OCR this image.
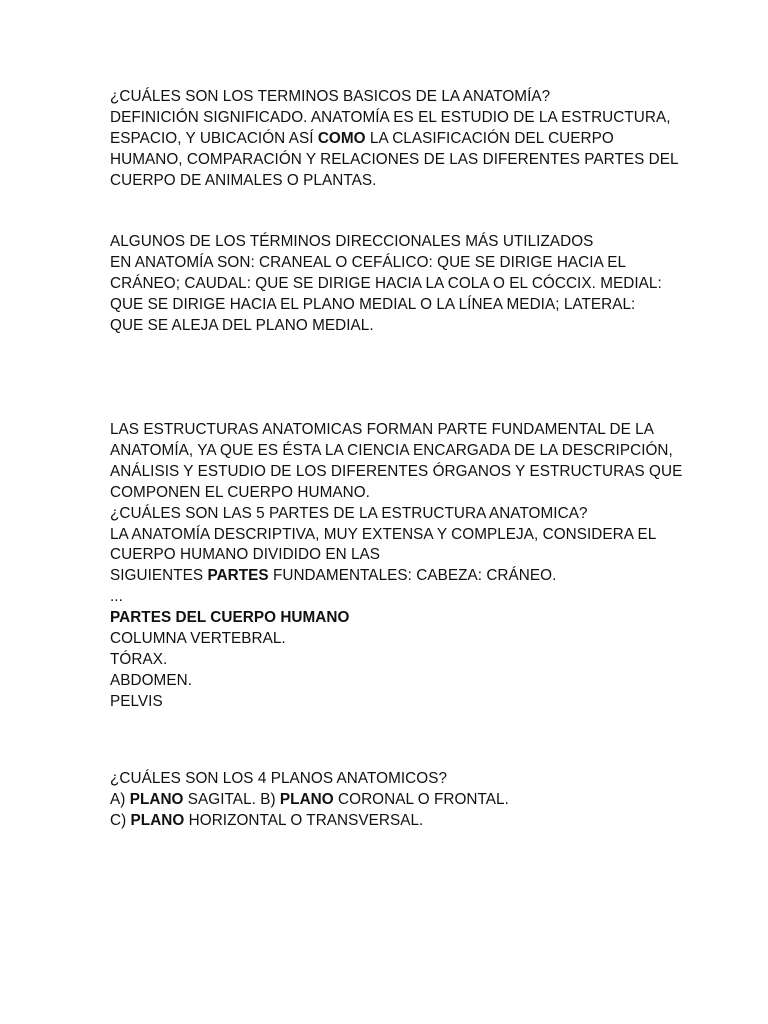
¿CUÁLES SON LOS TERMINOS BASICOS DE LA ANATOMÍA?
DEFINICIÓN SIGNIFICADO. ANATOMÍA ES EL ESTUDIO DE LA ESTRUCTURA,
ESPACIO, Y UBICACIÓN ASÍ COMO LA CLASIFICACIÓN DEL CUERPO
HUMANO, COMPARACIÓN Y RELACIONES DE LAS DIFERENTES PARTES DEL
CUERPO DE ANIMALES O PLANTAS.
ALGUNOS DE LOS TÉRMINOS DIRECCIONALES MÁS UTILIZADOS
EN ANATOMÍA SON: CRANEAL O CEFÁLICO: QUE SE DIRIGE HACIA EL
CRÁNEO; CAUDAL: QUE SE DIRIGE HACIA LA COLA O EL CÓCCIX. MEDIAL:
QUE SE DIRIGE HACIA EL PLANO MEDIAL O LA LÍNEA MEDIA; LATERAL:
QUE SE ALEJA DEL PLANO MEDIAL.
LAS ESTRUCTURAS ANATOMICAS FORMAN PARTE FUNDAMENTAL DE LA
ANATOMÍA, YA QUE ES ÉSTA LA CIENCIA ENCARGADA DE LA DESCRIPCIÓN,
ANÁLISIS Y ESTUDIO DE LOS DIFERENTES ÓRGANOS Y ESTRUCTURAS QUE
COMPONEN EL CUERPO HUMANO.
¿CUÁLES SON LAS 5 PARTES DE LA ESTRUCTURA ANATOMICA?
LA ANATOMÍA DESCRIPTIVA, MUY EXTENSA Y COMPLEJA, CONSIDERA EL
CUERPO HUMANO DIVIDIDO EN LAS
SIGUIENTES PARTES FUNDAMENTALES: CABEZA: CRÁNEO.
...
PARTES DEL CUERPO HUMANO
COLUMNA VERTEBRAL.
TÓRAX.
ABDOMEN.
PELVIS
¿CUÁLES SON LOS 4 PLANOS ANATOMICOS?
A) PLANO SAGITAL. B) PLANO CORONAL O FRONTAL.
C) PLANO HORIZONTAL O TRANSVERSAL.
